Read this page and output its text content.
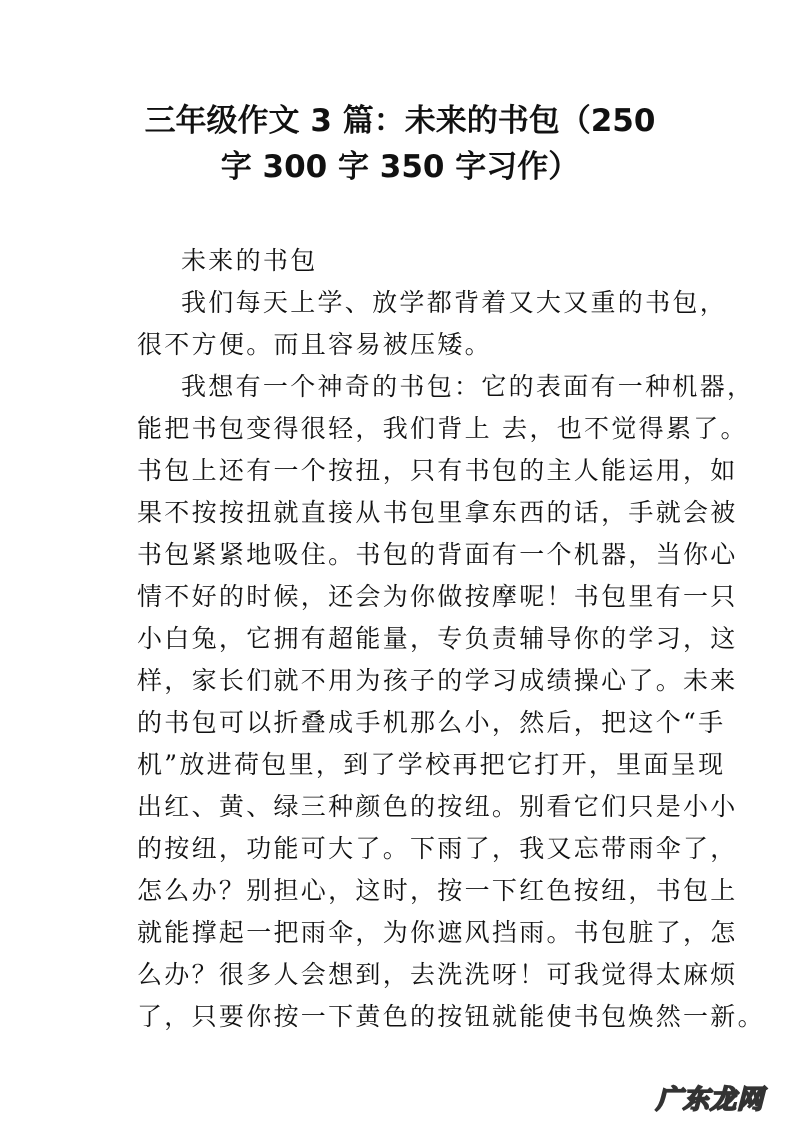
三年级作文 3 篇：未来的书包（250
字 300 字 350 字习作）
未来的书包
我们每天上学、放学都背着又大又重的书包，
很不方便。而且容易被压矮。
我想有一个神奇的书包：它的表面有一种机器，
能把书包变得很轻，我们背上 去，也不觉得累了。
书包上还有一个按扭，只有书包的主人能运用，如
果不按按扭就直接从书包里拿东西的话，手就会被
书包紧紧地吸住。书包的背面有一个机器，当你心
情不好的时候，还会为你做按摩呢！书包里有一只
小白兔，它拥有超能量，专负责辅导你的学习，这
样，家长们就不用为孩子的学习成绩操心了。未来
的书包可以折叠成手机那么小，然后，把这个“手
机”放进荷包里，到了学校再把它打开，里面呈现
出红、黄、绿三种颜色的按纽。别看它们只是小小
的按纽，功能可大了。下雨了，我又忘带雨伞了，
怎么办？别担心，这时，按一下红色按纽，书包上
就能撑起一把雨伞，为你遮风挡雨。书包脏了，怎
么办？很多人会想到，去洗洗呀！可我觉得太麻烦
了，只要你按一下黄色的按钮就能使书包焕然一新。
广东龙网
